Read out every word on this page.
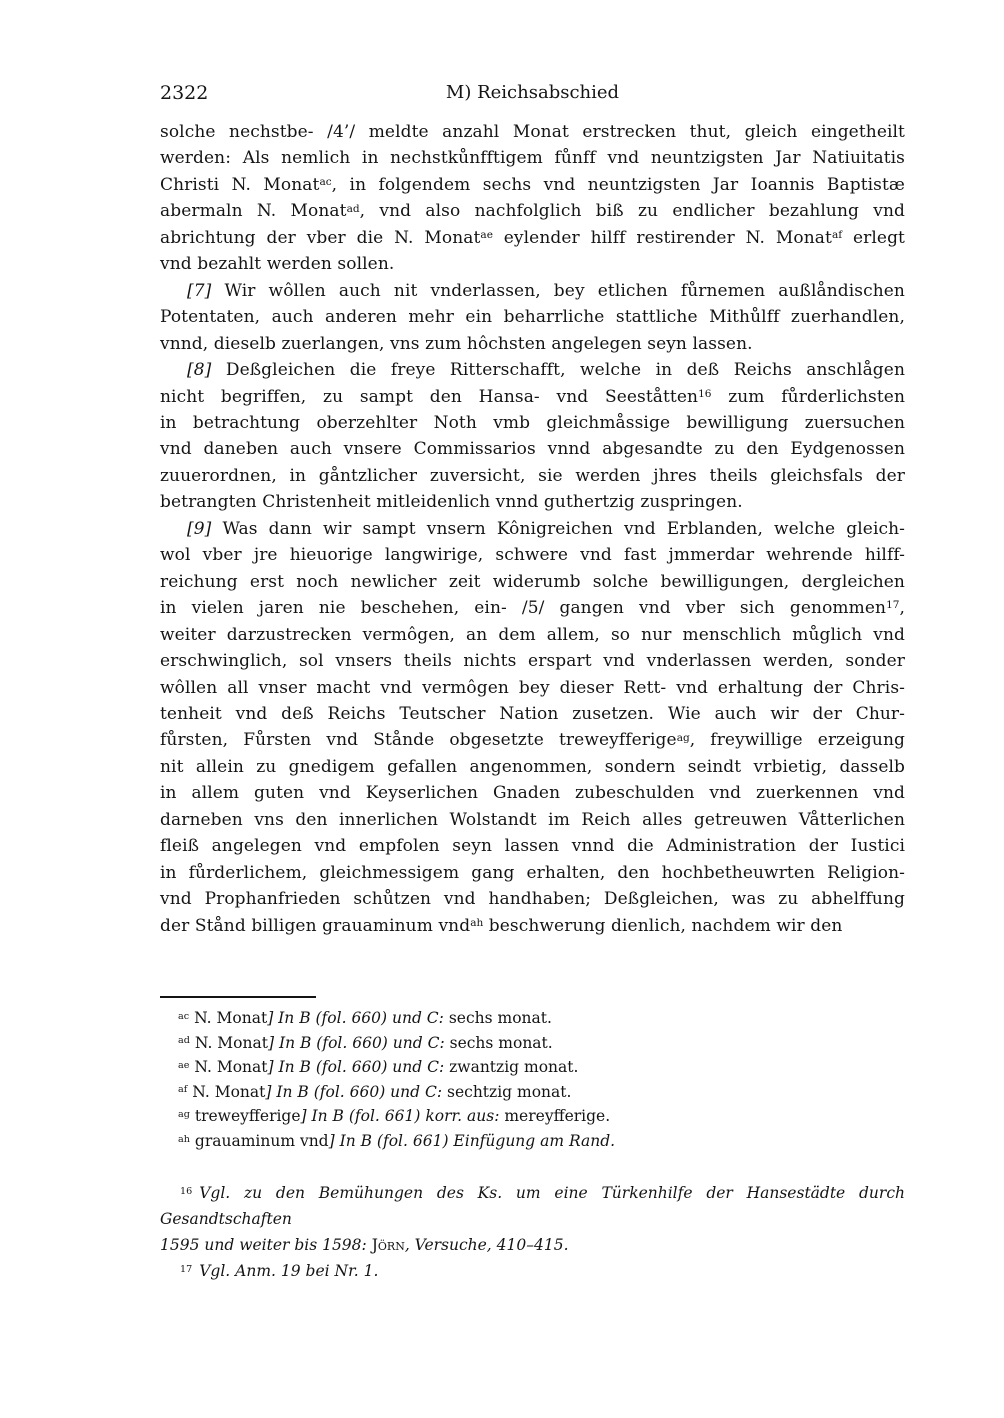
2322	M) Reichsabschied
solche nechstbe- /4’/ meldte anzahl Monat erstrecken thut, gleich eingetheilt
werden: Als nemlich in nechstkůnfftigem fůnff vnd neuntzigsten Jar Natiuitatis
Christi N. Monat$^{ac}$, in folgendem sechs vnd neuntzigsten Jar Ioannis Baptistæ
abermaln N. Monat$^{ad}$, vnd also nachfolglich biß zu endlicher bezahlung vnd
abrichtung der vber die N. Monat$^{ae}$ eylender hilff restirender N. Monat$^{af}$ erlegt
vnd bezahlt werden sollen.
[7] Wir wôllen auch nit vnderlassen, bey etlichen fůrnemen außlåndischen
Potentaten, auch anderen mehr ein beharrliche stattliche Mithůlff zuerhandlen,
vnnd, dieselb zuerlangen, vns zum hôchsten angelegen seyn lassen.
[8] Deßgleichen die freye Ritterschafft, welche in deß Reichs anschlågen
nicht begriffen, zu sampt den Hansa- vnd Seeståtten$^{16}$ zum fůrderlichsten
in betrachtung oberzehlter Noth vmb gleichmåssige bewilligung zuersuchen
vnd daneben auch vnsere Commissarios vnnd abgesandte zu den Eydgenossen
zuuerordnen, in gåntzlicher zuversicht, sie werden jhres theils gleichsfals der
betrangten Christenheit mitleidenlich vnnd guthertzig zuspringen.
[9] Was dann wir sampt vnsern Kônigreichen vnd Erblanden, welche gleich-
wol vber jre hieuorige langwirige, schwere vnd fast jmmerdar wehrende hilff-
reichung erst noch newlicher zeit widerumb solche bewilligungen, dergleichen
in vielen jaren nie beschehen, ein- /5/ gangen vnd vber sich genommen$^{17}$,
weiter darzustrecken vermôgen, an dem allem, so nur menschlich můglich vnd
erschwinglich, sol vnsers theils nichts erspart vnd vnderlassen werden, sonder
wôllen all vnser macht vnd vermôgen bey dieser Rett- vnd erhaltung der Chris-
tenheit vnd deß Reichs Teutscher Nation zusetzen. Wie auch wir der Chur-
fůrsten, Fůrsten vnd Stånde obgesetzte treweyfferige$^{ag}$, freywillige erzeigung
nit allein zu gnedigem gefallen angenommen, sondern seindt vrbietig, dasselb
in allem guten vnd Keyserlichen Gnaden zubeschulden vnd zuerkennen vnd
darneben vns den innerlichen Wolstandt im Reich alles getreuwen Våtterlichen
fleiß angelegen vnd empfolen seyn lassen vnnd die Administration der Iustici
in fůrderlichem, gleichmessigem gang erhalten, den hochbetheuwrten Religion-
vnd Prophanfrieden schůtzen vnd handhaben; Deßgleichen, was zu abhelffung
der Stånd billigen grauaminum vnd$^{ah}$ beschwerung dienlich, nachdem wir den
$^{ac}$ N. Monat] In B (fol. 660) und C: sechs monat.
$^{ad}$ N. Monat] In B (fol. 660) und C: sechs monat.
$^{ae}$ N. Monat] In B (fol. 660) und C: zwantzig monat.
$^{af}$ N. Monat] In B (fol. 660) und C: sechtzig monat.
$^{ag}$ treweyfferige] In B (fol. 661) korr. aus: mereyfferige.
$^{ah}$ grauaminum vnd] In B (fol. 661) Einfügung am Rand.
$^{16}$ Vgl. zu den Bemühungen des Ks. um eine Türkenhilfe der Hansestädte durch Gesandtschaften
1595 und weiter bis 1598: Jörn, Versuche, 410–415.
$^{17}$ Vgl. Anm. 19 bei Nr. 1.
